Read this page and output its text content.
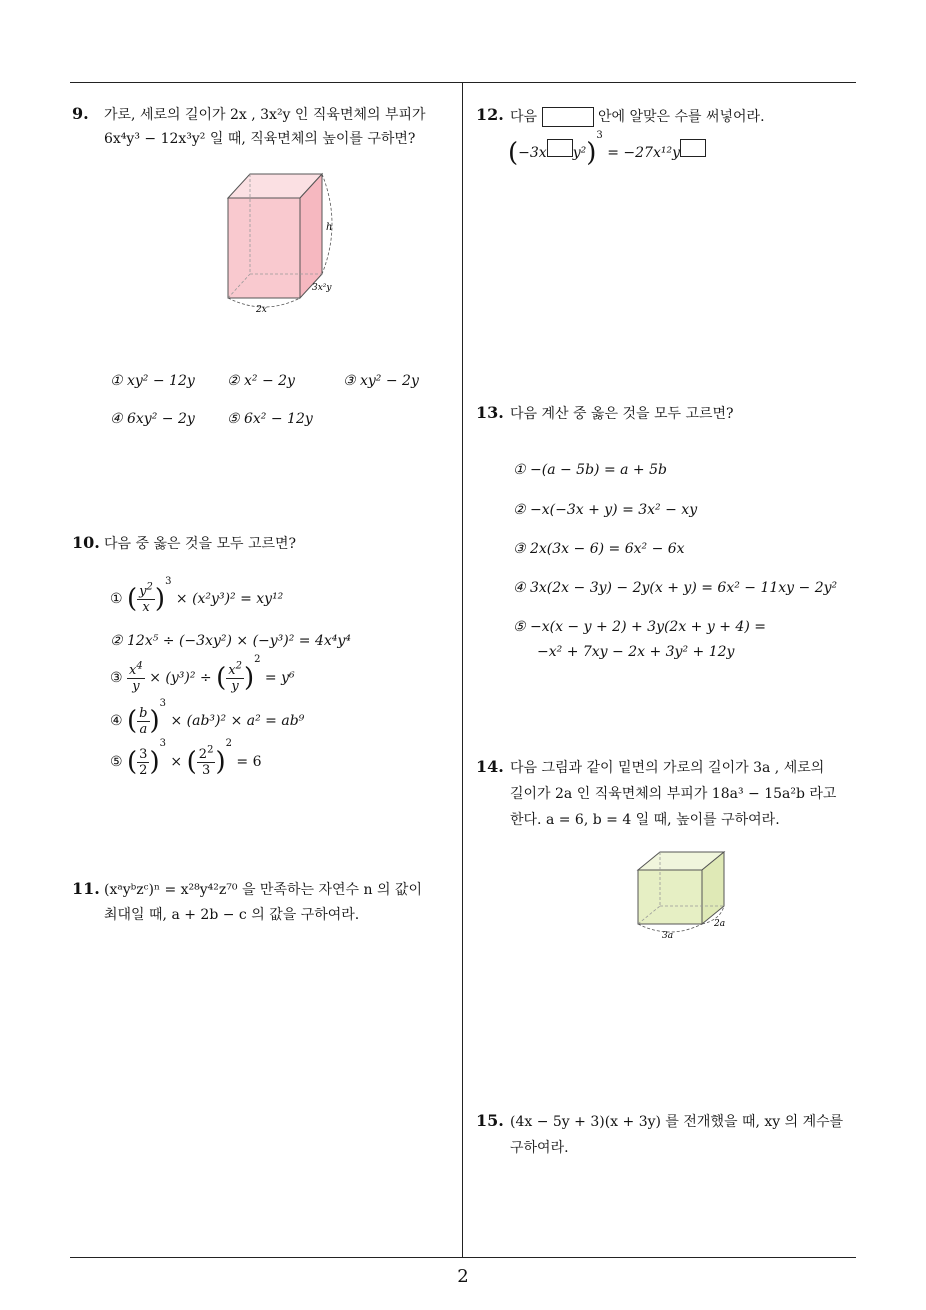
2
9. 가로, 세로의 길이가 2x , 3x²y 인 직육면체의 부피가
6x⁴y³ − 12x³y² 일 때, 직육면체의 높이를 구하면?
h
3x²y
2x
① xy² − 12y ② x² − 2y	③ xy² − 2y
④ 6xy² − 2y ⑤ 6x² − 12y
10. 다음 중 옳은 것을 모두 고르면?
①
( $\frac{y^2}{x}$ )
3

× (x²y³)² = xy¹²
② 12x⁵ ÷ (−3xy²) × (−y³)² = 4x⁴y⁴
③
$\frac{x^4}{y}$
× (y³)² ÷
( $\frac{x^2}{y}$ )
2

= y⁶
④
( $\frac{b}{a}$ )
3

× (ab³)² × a² = ab⁹
⑤
( $\frac{3}{2}$ )
3
× ( $\frac{2^2}{3}$ )
2

= 6
11. (xᵃyᵇzᶜ)ⁿ = x²⁸y⁴²z⁷⁰ 을 만족하는 자연수 n 의 값이
최대일 때, a + 2b − c 의 값을 구하여라.
12. 다음	안에 알맞은 수를 써넣어라.
( −3x y² )
3

= −27x¹²y
13. 다음 계산 중 옳은 것을 모두 고르면?
① −(a − 5b) = a + 5b
② −x(−3x + y) = 3x² − xy
③ 2x(3x − 6) = 6x² − 6x
④ 3x(2x − 3y) − 2y(x + y) = 6x² − 11xy − 2y²
⑤ −x(x − y + 2) + 3y(2x + y + 4) =
−x² + 7xy − 2x + 3y² + 12y
14. 다음 그림과 같이 밑면의 가로의 길이가 3a , 세로의
길이가 2a 인 직육면체의 부피가 18a³ − 15a²b 라고
한다. a = 6, b = 4 일 때, 높이를 구하여라.
3a
2a
15. (4x − 5y + 3)(x + 3y) 를 전개했을 때, xy 의 계수를
구하여라.
